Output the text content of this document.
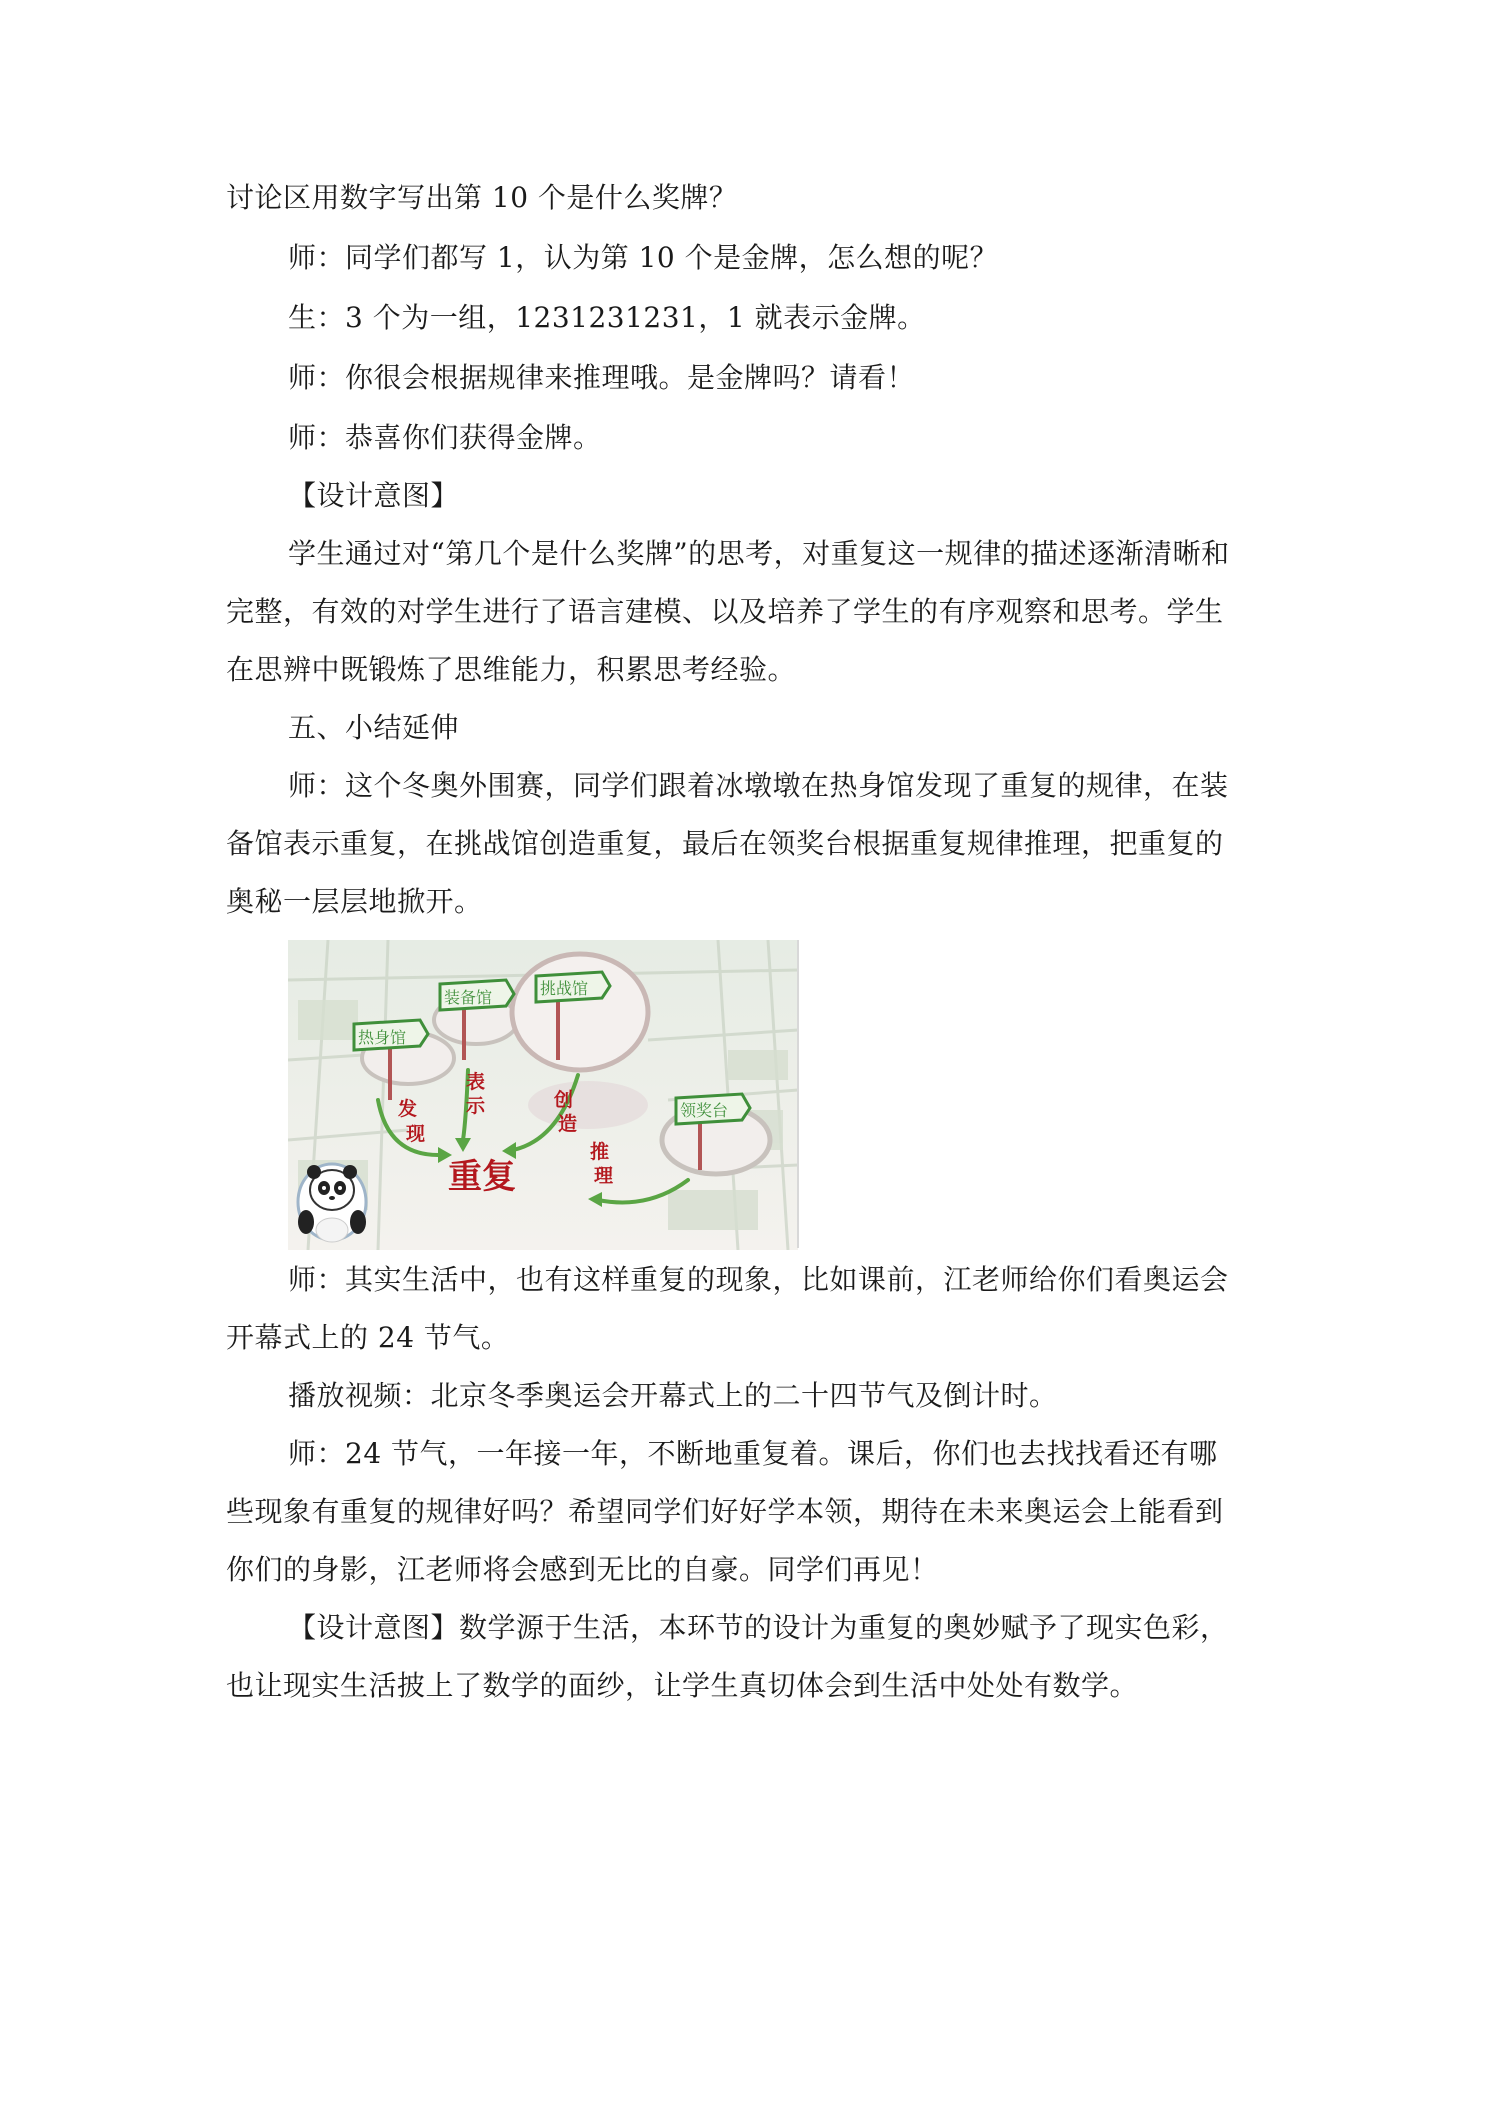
讨论区用数字写出第 10 个是什么奖牌？
师：同学们都写 1，认为第 10 个是金牌，怎么想的呢？
生：3 个为一组，1231231231，1 就表示金牌。
师：你很会根据规律来推理哦。是金牌吗？请看！
师：恭喜你们获得金牌。
【设计意图】
学生通过对“第几个是什么奖牌”的思考，对重复这一规律的描述逐渐清晰和
完整，有效的对学生进行了语言建模、以及培养了学生的有序观察和思考。学生
在思辨中既锻炼了思维能力，积累思考经验。
五、小结延伸
师：这个冬奥外围赛，同学们跟着冰墩墩在热身馆发现了重复的规律，在装
备馆表示重复，在挑战馆创造重复，最后在领奖台根据重复规律推理，把重复的
奥秘一层层地掀开。
热身馆
装备馆	挑战馆
领奖台
发
现
表
示	创
造
推
理
重复
师：其实生活中，也有这样重复的现象，比如课前，江老师给你们看奥运会
开幕式上的 24 节气。
播放视频：北京冬季奥运会开幕式上的二十四节气及倒计时。
师：24 节气，一年接一年，不断地重复着。课后，你们也去找找看还有哪
些现象有重复的规律好吗？希望同学们好好学本领，期待在未来奥运会上能看到
你们的身影，江老师将会感到无比的自豪。同学们再见！
【设计意图】数学源于生活，本环节的设计为重复的奥妙赋予了现实色彩，
也让现实生活披上了数学的面纱，让学生真切体会到生活中处处有数学。
